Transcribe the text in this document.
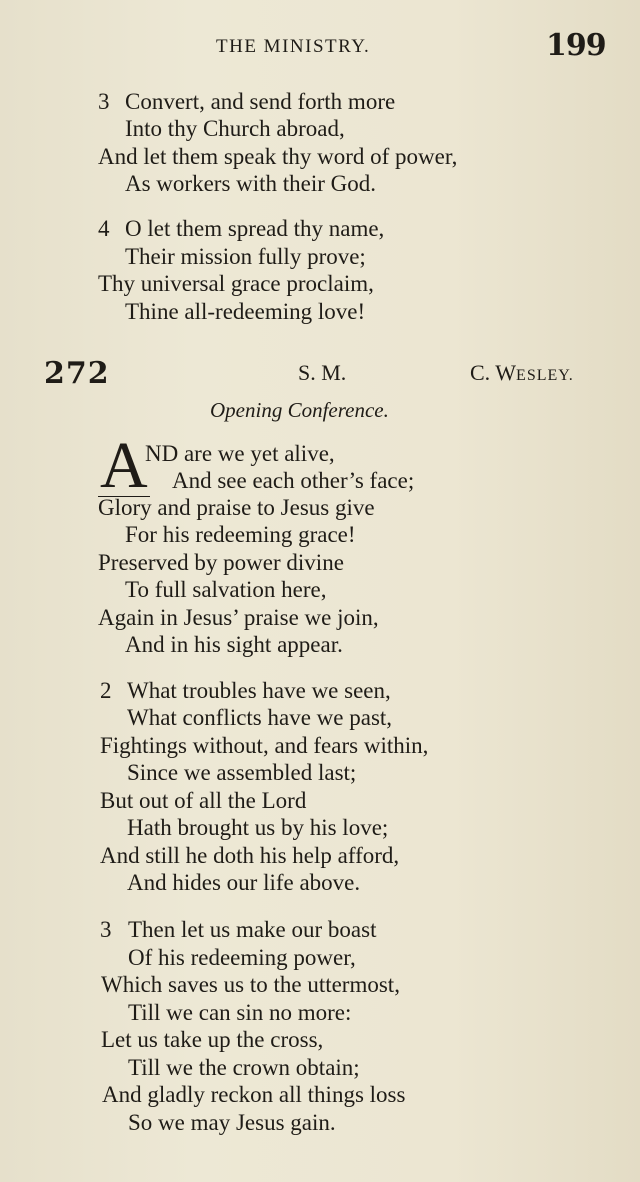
THE MINISTRY.	199
3 Convert, and send forth more
Into thy Church abroad,
And let them speak thy word of power,
As workers with their God.
4 O let them spread thy name,
Their mission fully prove;
Thy universal grace proclaim,
Thine all-redeeming love!
272	S. M.	C. WESLEY.
Opening Conference.
A
ND are we yet alive,
And see each other’s face;
Glory and praise to Jesus give
For his redeeming grace!
Preserved by power divine
To full salvation here,
Again in Jesus’ praise we join,
And in his sight appear.
2 What troubles have we seen,
What conflicts have we past,
Fightings without, and fears within,
Since we assembled last;
But out of all the Lord
Hath brought us by his love;
And still he doth his help afford,
And hides our life above.
3 Then let us make our boast
Of his redeeming power,
Which saves us to the uttermost,
Till we can sin no more:
Let us take up the cross,
Till we the crown obtain;
And gladly reckon all things loss
So we may Jesus gain.
